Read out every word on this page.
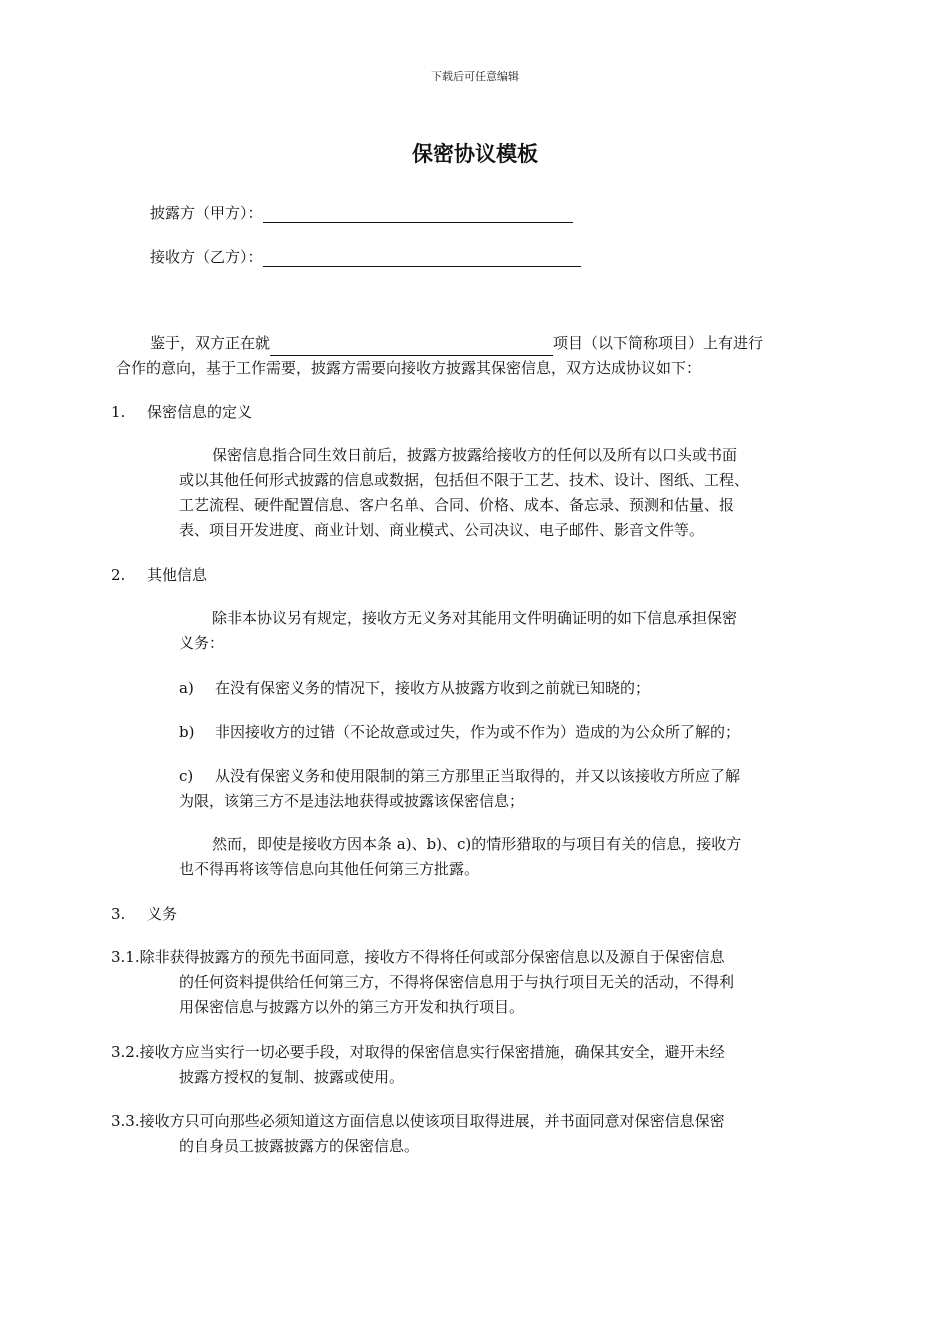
下载后可任意编辑
保密协议模板
披露方（甲方）：
接收方（乙方）：
鉴于，双方正在就	项目（以下简称项目）上有进行
合作的意向，基于工作需要，披露方需要向接收方披露其保密信息，双方达成协议如下：
1. 保密信息的定义
保密信息指合同生效日前后，披露方披露给接收方的任何以及所有以口头或书面
或以其他任何形式披露的信息或数据，包括但不限于工艺、技术、设计、图纸、工程、
工艺流程、硬件配置信息、客户名单、合同、价格、成本、备忘录、预测和估量、报
表、项目开发进度、商业计划、商业模式、公司决议、电子邮件、影音文件等。
2. 其他信息
除非本协议另有规定，接收方无义务对其能用文件明确证明的如下信息承担保密
义务：
a) 在没有保密义务的情况下，接收方从披露方收到之前就已知晓的；
b) 非因接收方的过错（不论故意或过失，作为或不作为）造成的为公众所了解的；
c) 从没有保密义务和使用限制的第三方那里正当取得的，并又以该接收方所应了解
为限，该第三方不是违法地获得或披露该保密信息；
然而，即使是接收方因本条 a)、b)、c)的情形猎取的与项目有关的信息，接收方
也不得再将该等信息向其他任何第三方批露。
3. 义务
3.1.除非获得披露方的预先书面同意，接收方不得将任何或部分保密信息以及源自于保密信息
的任何资料提供给任何第三方，不得将保密信息用于与执行项目无关的活动，不得利
用保密信息与披露方以外的第三方开发和执行项目。
3.2.接收方应当实行一切必要手段，对取得的保密信息实行保密措施，确保其安全，避开未经
披露方授权的复制、披露或使用。
3.3.接收方只可向那些必须知道这方面信息以使该项目取得进展，并书面同意对保密信息保密
的自身员工披露披露方的保密信息。
